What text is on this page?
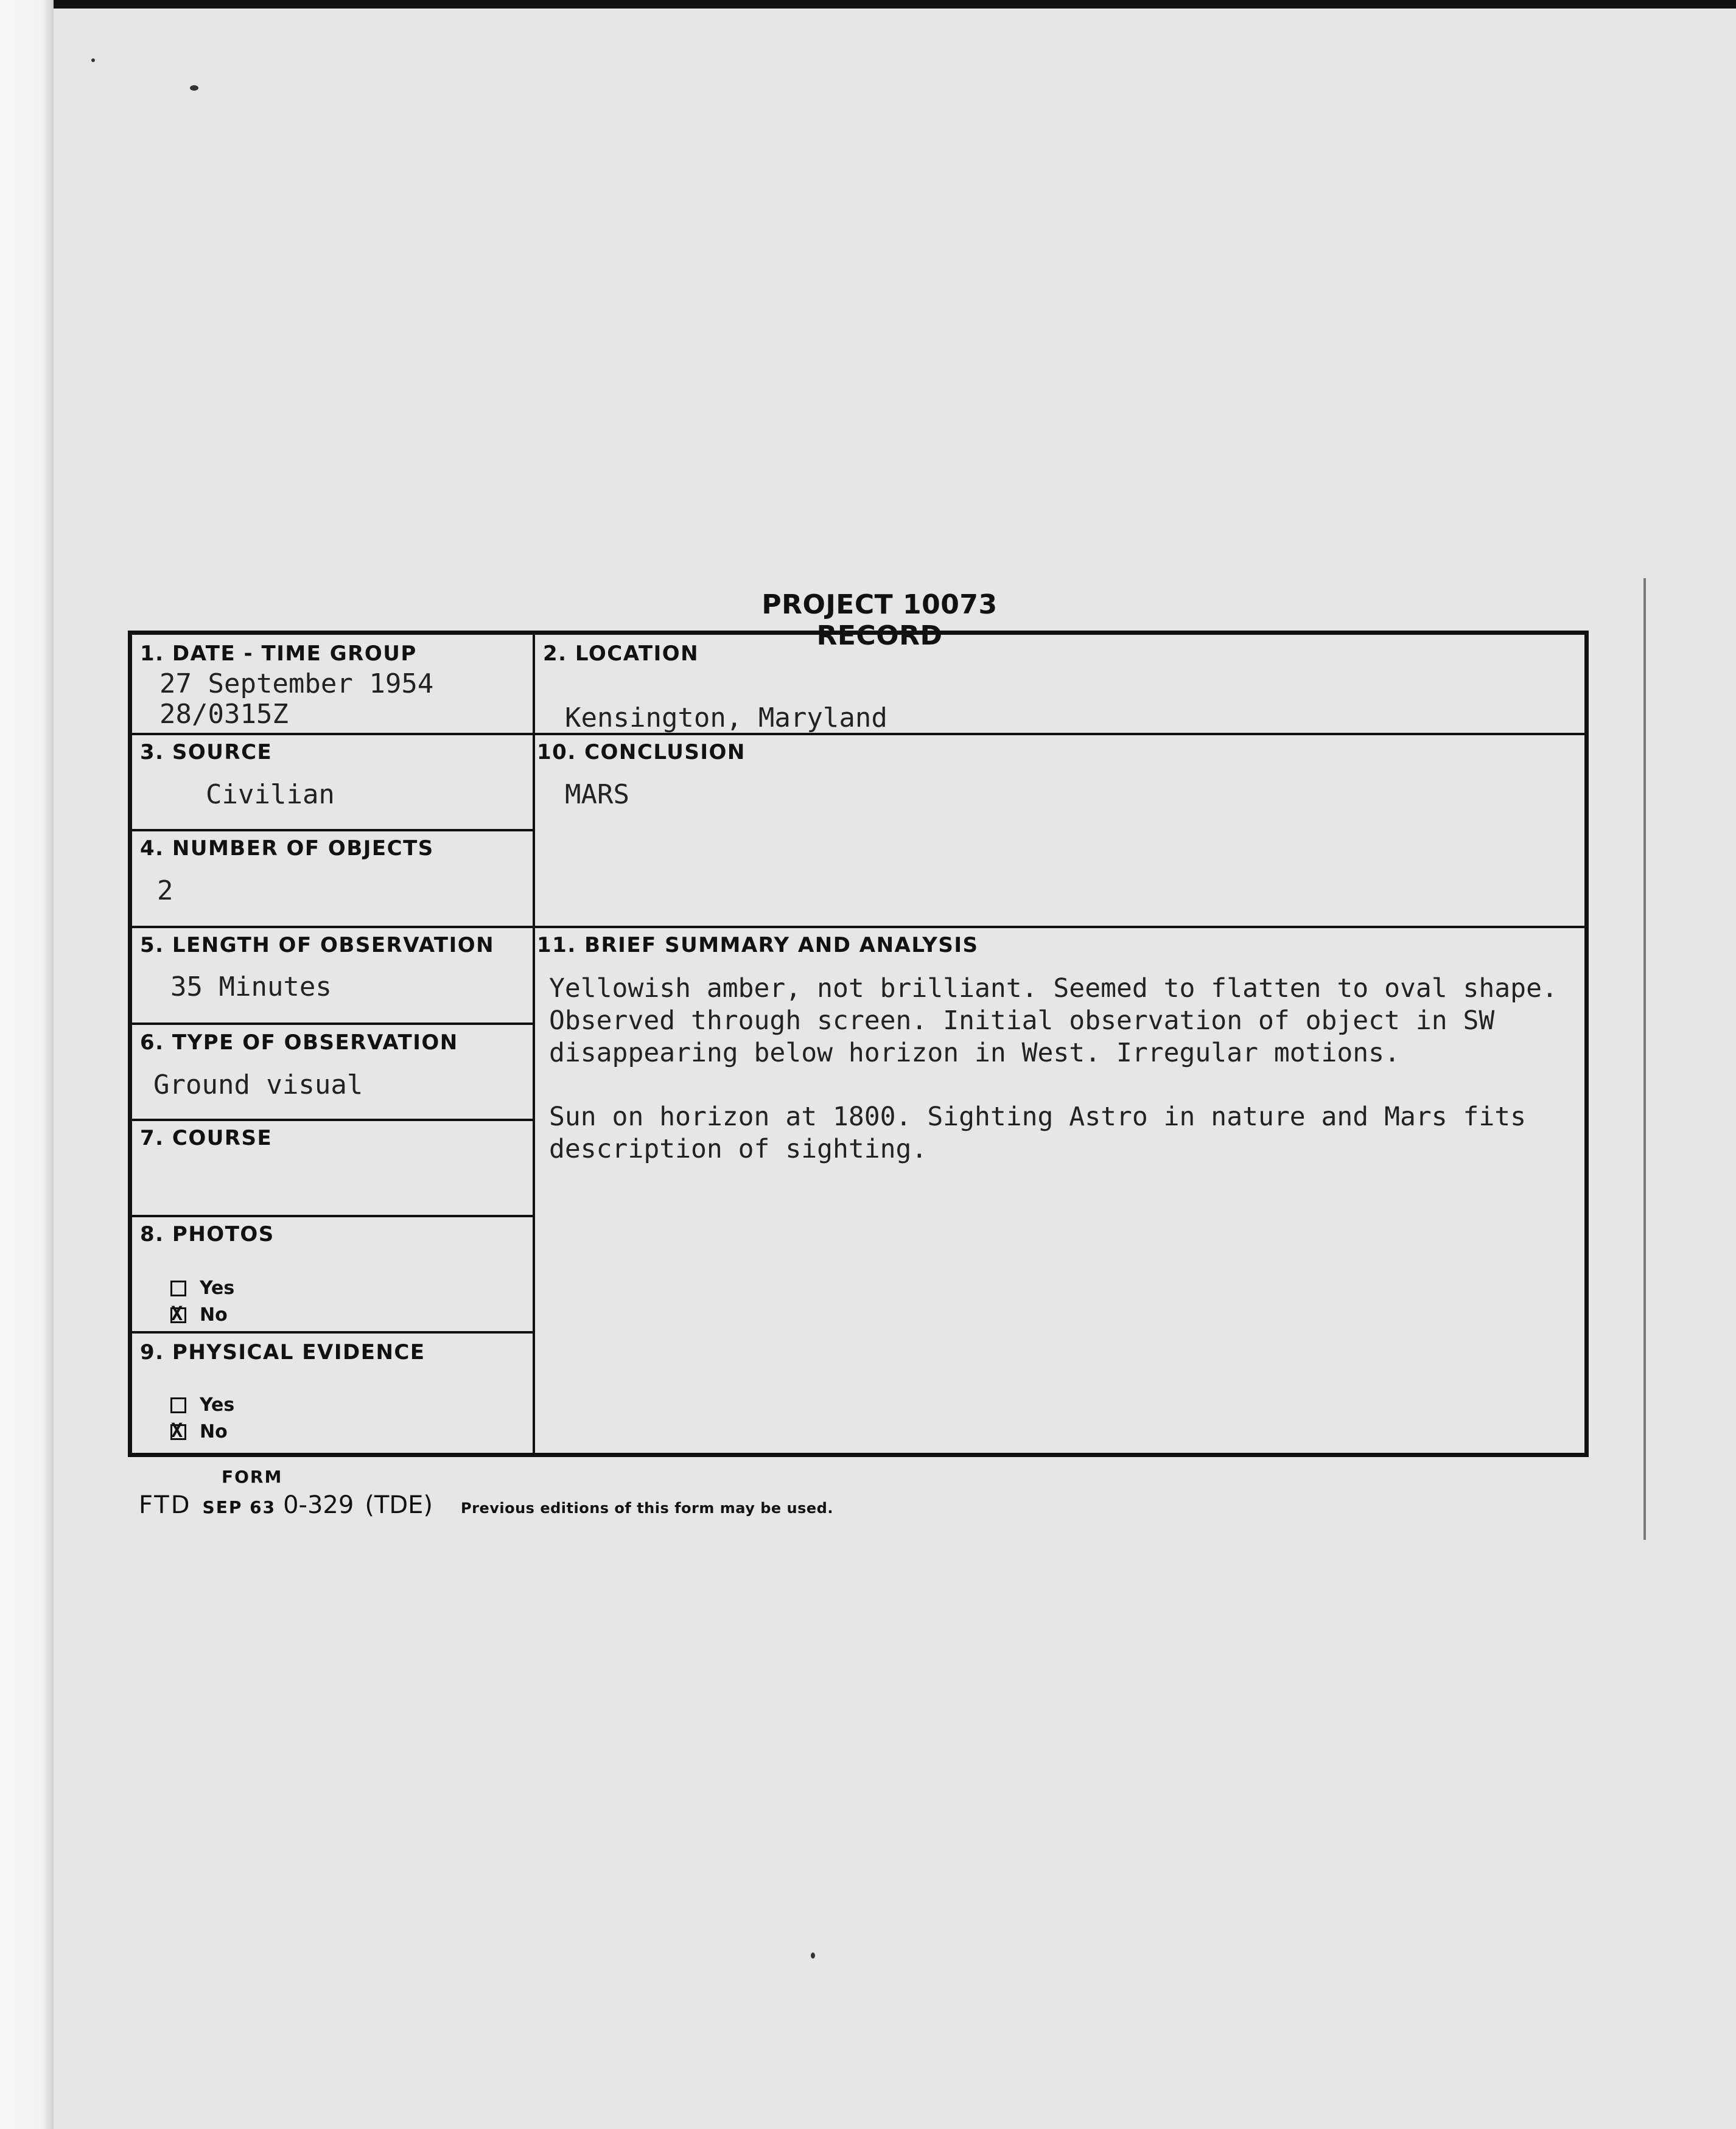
PROJECT 10073 RECORD
1. DATE - TIME GROUP
27 September 1954
28/0315Z
2. LOCATION
Kensington, Maryland
3. SOURCE
Civilian
10. CONCLUSION
MARS
4. NUMBER OF OBJECTS
2
5. LENGTH OF OBSERVATION
35 Minutes
11. BRIEF SUMMARY AND ANALYSIS

Yellowish amber, not brilliant. Seemed to flatten to oval shape.
Observed through screen. Initial observation of object in SW
disappearing below horizon in West. Irregular motions.

Sun on horizon at 1800. Sighting Astro in nature and Mars fits
description of sighting.

6. TYPE OF OBSERVATION
Ground visual
7. COURSE
8. PHOTOS
Yes
XNo
9. PHYSICAL EVIDENCE
Yes
XNo
FORM
FTD SEP 63 0-329 (TDE) Previous editions of this form may be used.
